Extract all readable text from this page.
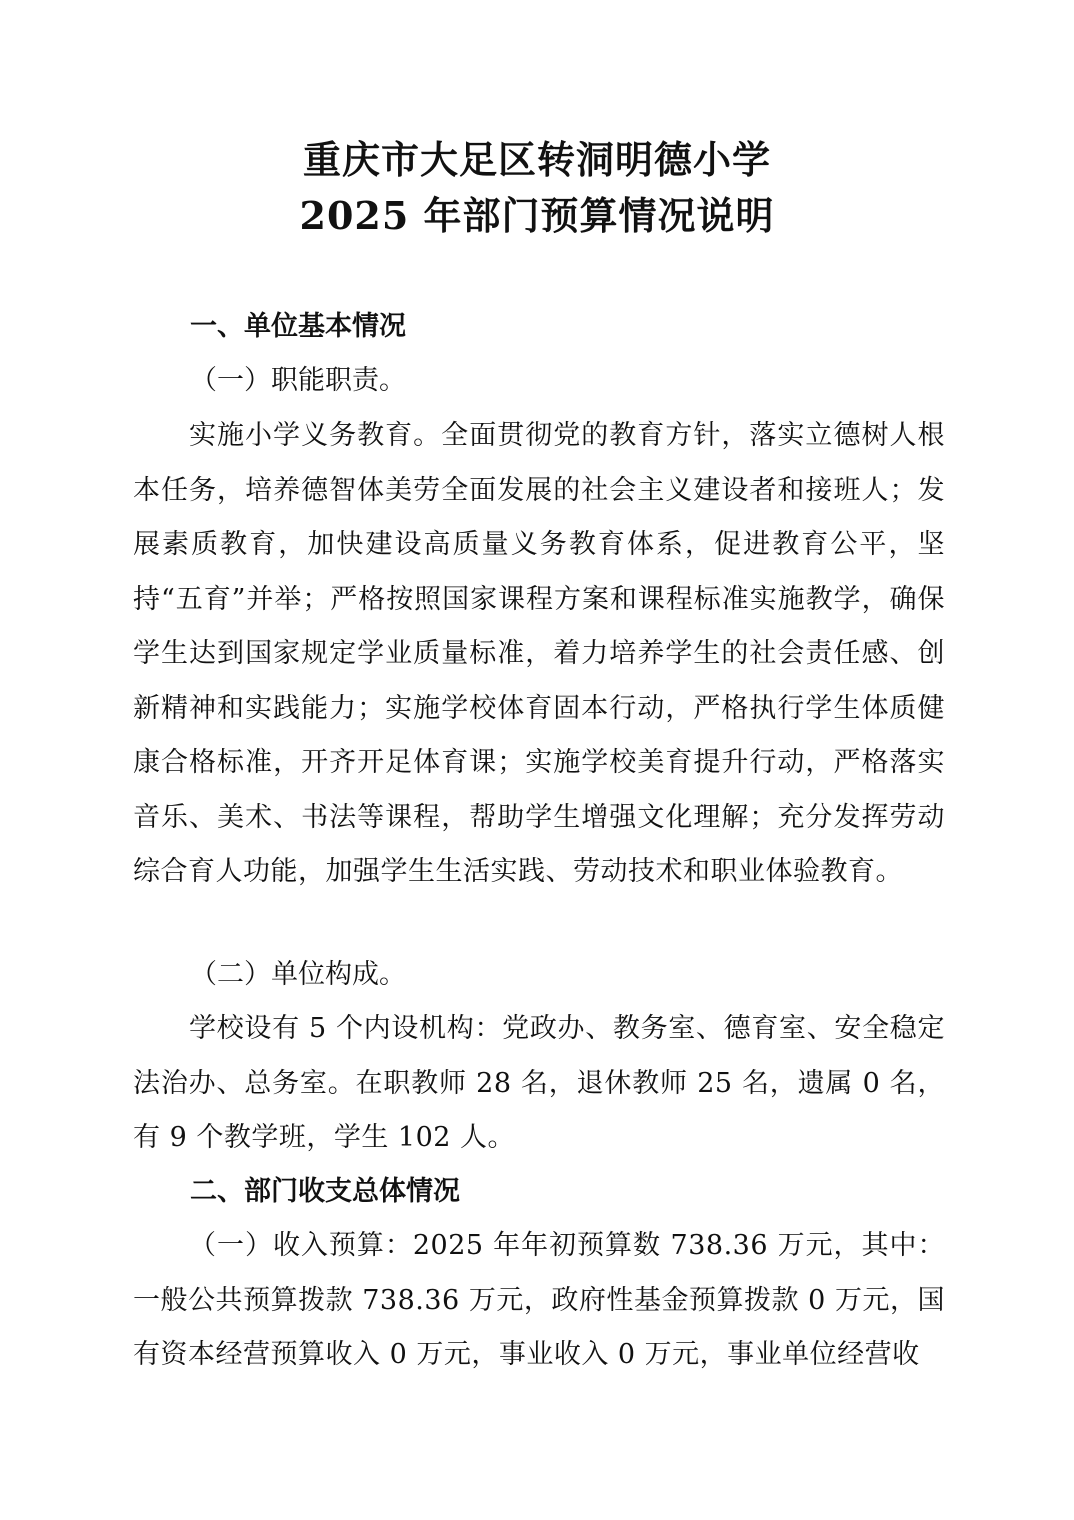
重庆市大足区转洞明德小学
2025 年部门预算情况说明
一、单位基本情况

（一）职能职责。

实施小学义务教育。全面贯彻党的教育方针，落实立德树人根本任务，培养德智体美劳全面发展的社会主义建设者和接班人；发展素质教育，加快建设高质量义务教育体系，促进教育公平，坚持“五育”并举；严格按照国家课程方案和课程标准实施教学，确保学生达到国家规定学业质量标准，着力培养学生的社会责任感、创新精神和实践能力；实施学校体育固本行动，严格执行学生体质健康合格标准，开齐开足体育课；实施学校美育提升行动，严格落实音乐、美术、书法等课程，帮助学生增强文化理解；充分发挥劳动综合育人功能，加强学生生活实践、劳动技术和职业体验教育。

（二）单位构成。

学校设有 5 个内设机构：党政办、教务室、德育室、安全稳定法治办、总务室。在职教师 28 名，退休教师 25 名，遗属 0 名，有 9 个教学班，学生 102 人。

二、部门收支总体情况

（一）收入预算：2025 年年初预算数 738.36 万元，其中：一般公共预算拨款 738.36 万元，政府性基金预算拨款 0 万元，国有资本经营预算收入 0 万元，事业收入 0 万元，事业单位经营收
